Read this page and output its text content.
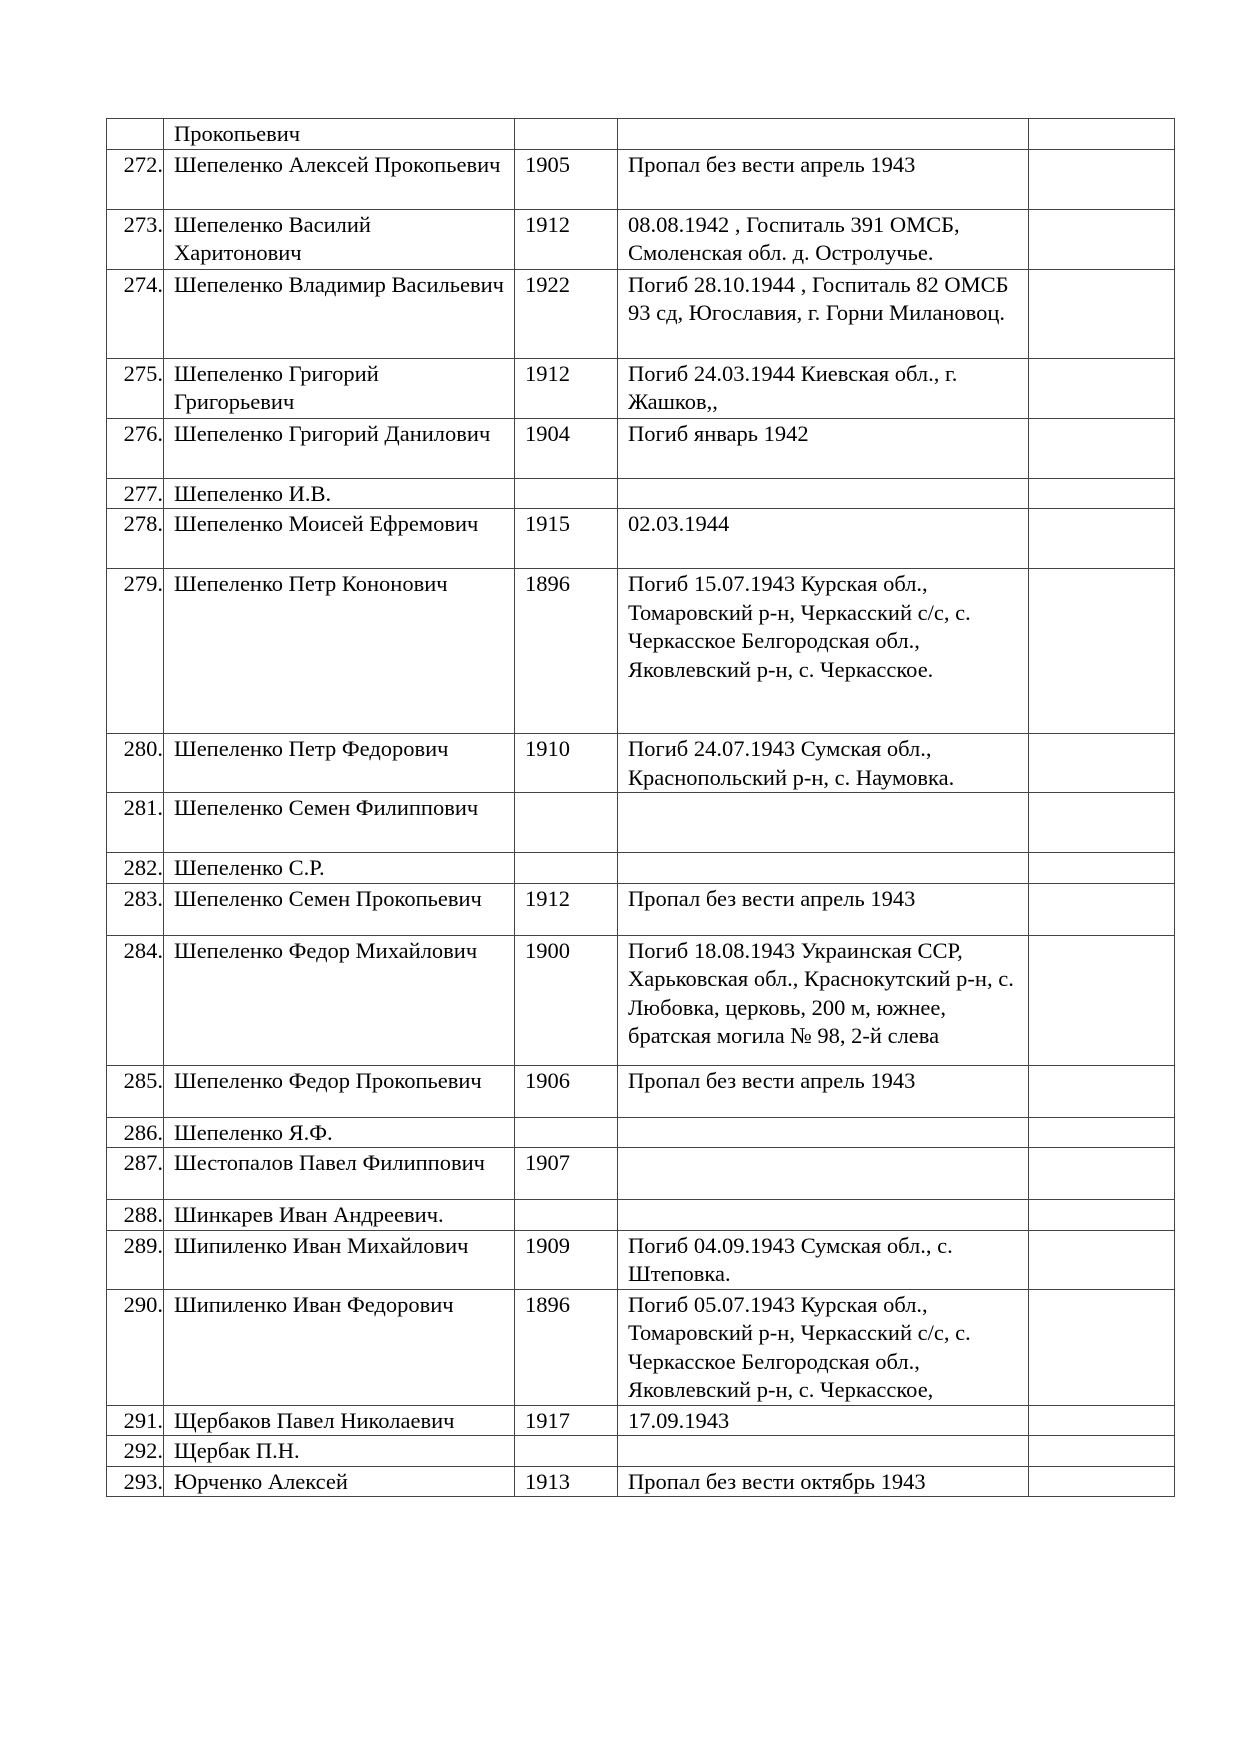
	Прокопьевич			
272.	Шепеленко Алексей Прокопьевич	1905	Пропал без вести апрель 1943	
273.	Шепеленко Василий Харитонович	1912	08.08.1942 , Госпиталь 391 ОМСБ, Смоленская обл. д. Остролучье.	
274.	Шепеленко Владимир Васильевич	1922	Погиб 28.10.1944 , Госпиталь 82 ОМСБ 93 сд, Югославия, г. Горни Милановоц.	
275.	Шепеленко Григорий Григорьевич	1912	Погиб 24.03.1944 Киевская обл., г. Жашков,,	
276.	Шепеленко Григорий Данилович	1904	Погиб январь 1942	
277.	Шепеленко И.В.			
278.	Шепеленко Моисей Ефремович	1915	02.03.1944	
279.	Шепеленко Петр Кононович	1896	Погиб 15.07.1943 Курская обл., Томаровский р-н, Черкасский с/с, с. Черкасское Белгородская обл., Яковлевский р-н, с. Черкасское.	
280.	Шепеленко Петр Федорович	1910	Погиб 24.07.1943 Сумская обл., Краснопольский р-н, с. Наумовка.	
281.	Шепеленко Семен Филиппович			
282.	Шепеленко С.Р.			
283.	Шепеленко Семен Прокопьевич	1912	Пропал без вести апрель 1943	
284.	Шепеленко Федор Михайлович	1900	Погиб 18.08.1943 Украинская ССР, Харьковская обл., Краснокутский р-н, с. Любовка, церковь, 200 м, южнее, братская могила № 98, 2-й слева	
285.	Шепеленко Федор Прокопьевич	1906	Пропал без вести апрель 1943	
286.	Шепеленко Я.Ф.			
287.	Шестопалов Павел Филиппович	1907		
288.	Шинкарев Иван Андреевич.			
289.	Шипиленко Иван Михайлович	1909	Погиб 04.09.1943 Сумская обл., с. Штеповка.	
290.	Шипиленко Иван Федорович	1896	Погиб 05.07.1943 Курская обл., Томаровский р-н, Черкасский с/с, с. Черкасское Белгородская обл., Яковлевский р-н, с. Черкасское,	
291.	Щербаков Павел Николаевич	1917	17.09.1943	
292.	Щербак П.Н.			
293.	Юрченко Алексей	1913	Пропал без вести октябрь 1943	
